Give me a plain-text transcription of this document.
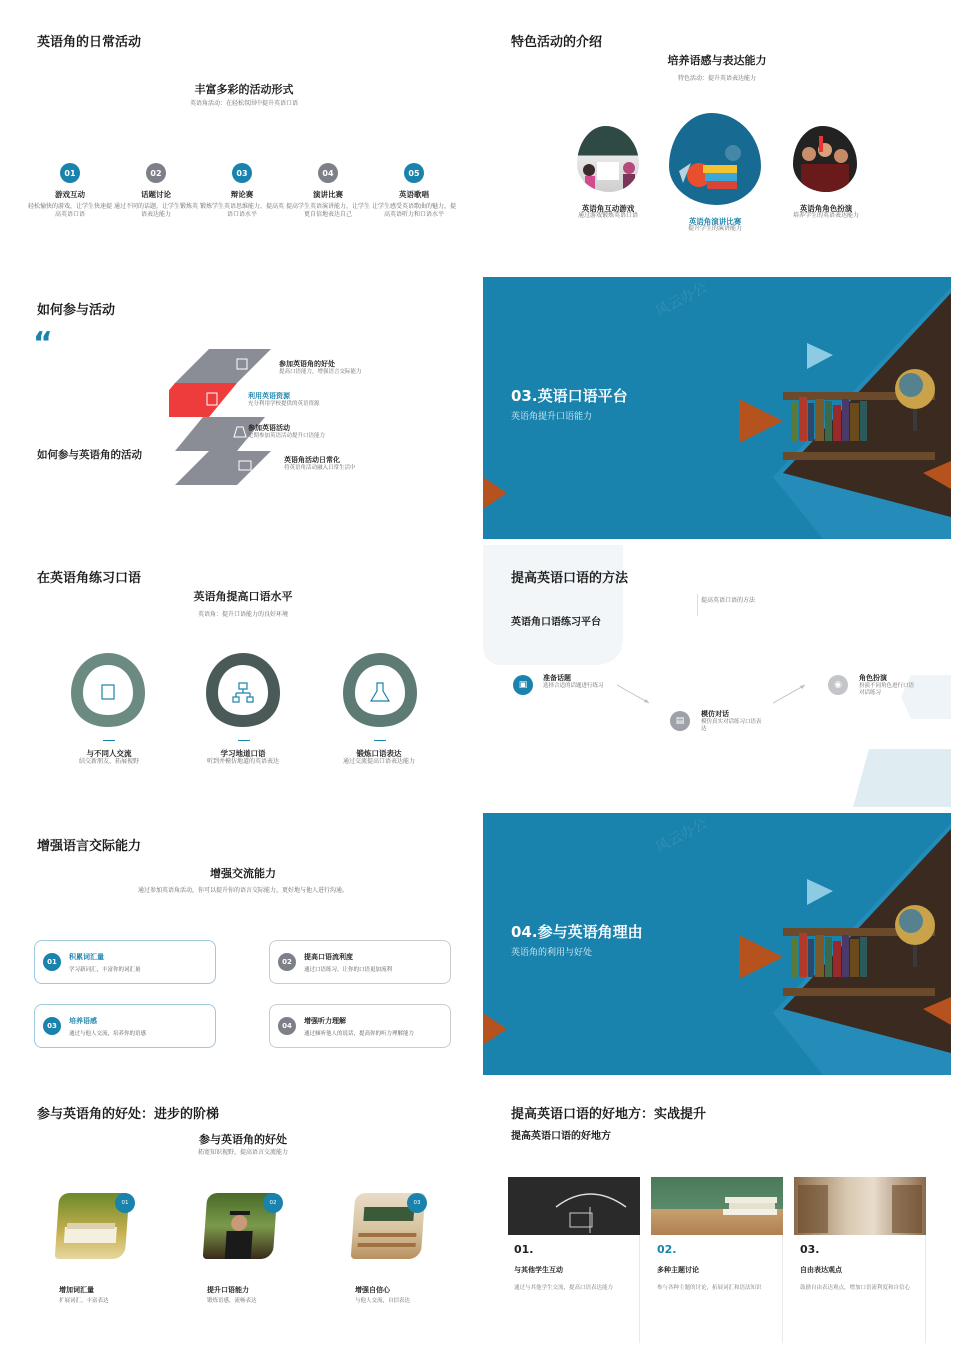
英语角的日常活动
丰富多彩的活动形式
英语角活动：在轻松氛围中提升英语口语
01
游戏互动
轻松愉快的游戏，让学生快速提高英语口语
02
话题讨论
通过不同的话题，让学生锻炼英语表达能力
03
辩论赛
锻炼学生英语思维能力，提高英语口语水平
04
演讲比赛
提高学生英语演讲能力，让学生更自信地表达自己
05
英语歌唱
让学生感受英语歌曲的魅力，提高英语听力和口语水平
特色活动的介绍
培养语感与表达能力
特色活动：提升英语表达能力
英语角互动游戏
通过游戏锻炼英语口语
英语角演讲比赛
提升学生的演讲能力
英语角角色扮演
培养学生的英语表达能力
如何参与活动
“
如何参与英语角的活动
参加英语角的好处
提高口语能力，增强语言交际能力
利用英语资源
充分利用学校提供的英语资源
参加英语活动
定期参加英语活动提升口语能力
英语角活动日常化
将英语角活动融入日常生活中
风云办公
03.英语口语平台
英语角提升口语能力
在英语角练习口语
英语角提高口语水平
英语角：提升口语能力的良好环境
与不同人交流
结交新朋友、拓展视野
学习地道口语
听到并模仿地道的英语表达
锻炼口语表达
通过交流提高口语表达能力
提高英语口语的方法
英语角口语练习平台
提高英语口语的方法
▣
准备话题
选择合适的话题进行练习
▤
模仿对话
模仿真实对话练习口语表达
◉
角色扮演
扮演不同角色进行口语对话练习
增强语言交际能力
增强交流能力
通过参加英语角活动，你可以提升你的语言交际能力，更好地与他人进行沟通。
01
积累词汇量
学习新词汇，丰富你的词汇量
02
提高口语流利度
通过口语练习，让你的口语更加流利
03
培养语感
通过与他人交流，培养你的语感
04
增强听力理解
通过倾听他人的说话，提高你的听力理解能力
风云办公
04.参与英语角理由
英语角的利用与好处
参与英语角的好处：进步的阶梯
参与英语角的好处
拓宽知识视野，提高语言交流能力
01	02	03
增加词汇量
扩展词汇，丰富表达
提升口语能力
锻炼语感，流畅表达
增强自信心
与他人交流，自信表达
提高英语口语的好地方：实战提升
提高英语口语的好地方
01.
与其他学生互动
通过与其他学生交流，提高口语表达能力
02.
多种主题讨论
参与各种主题的讨论，拓展词汇和语法知识
03.
自由表达观点
鼓励自由表达观点，增加口语流利度和自信心
